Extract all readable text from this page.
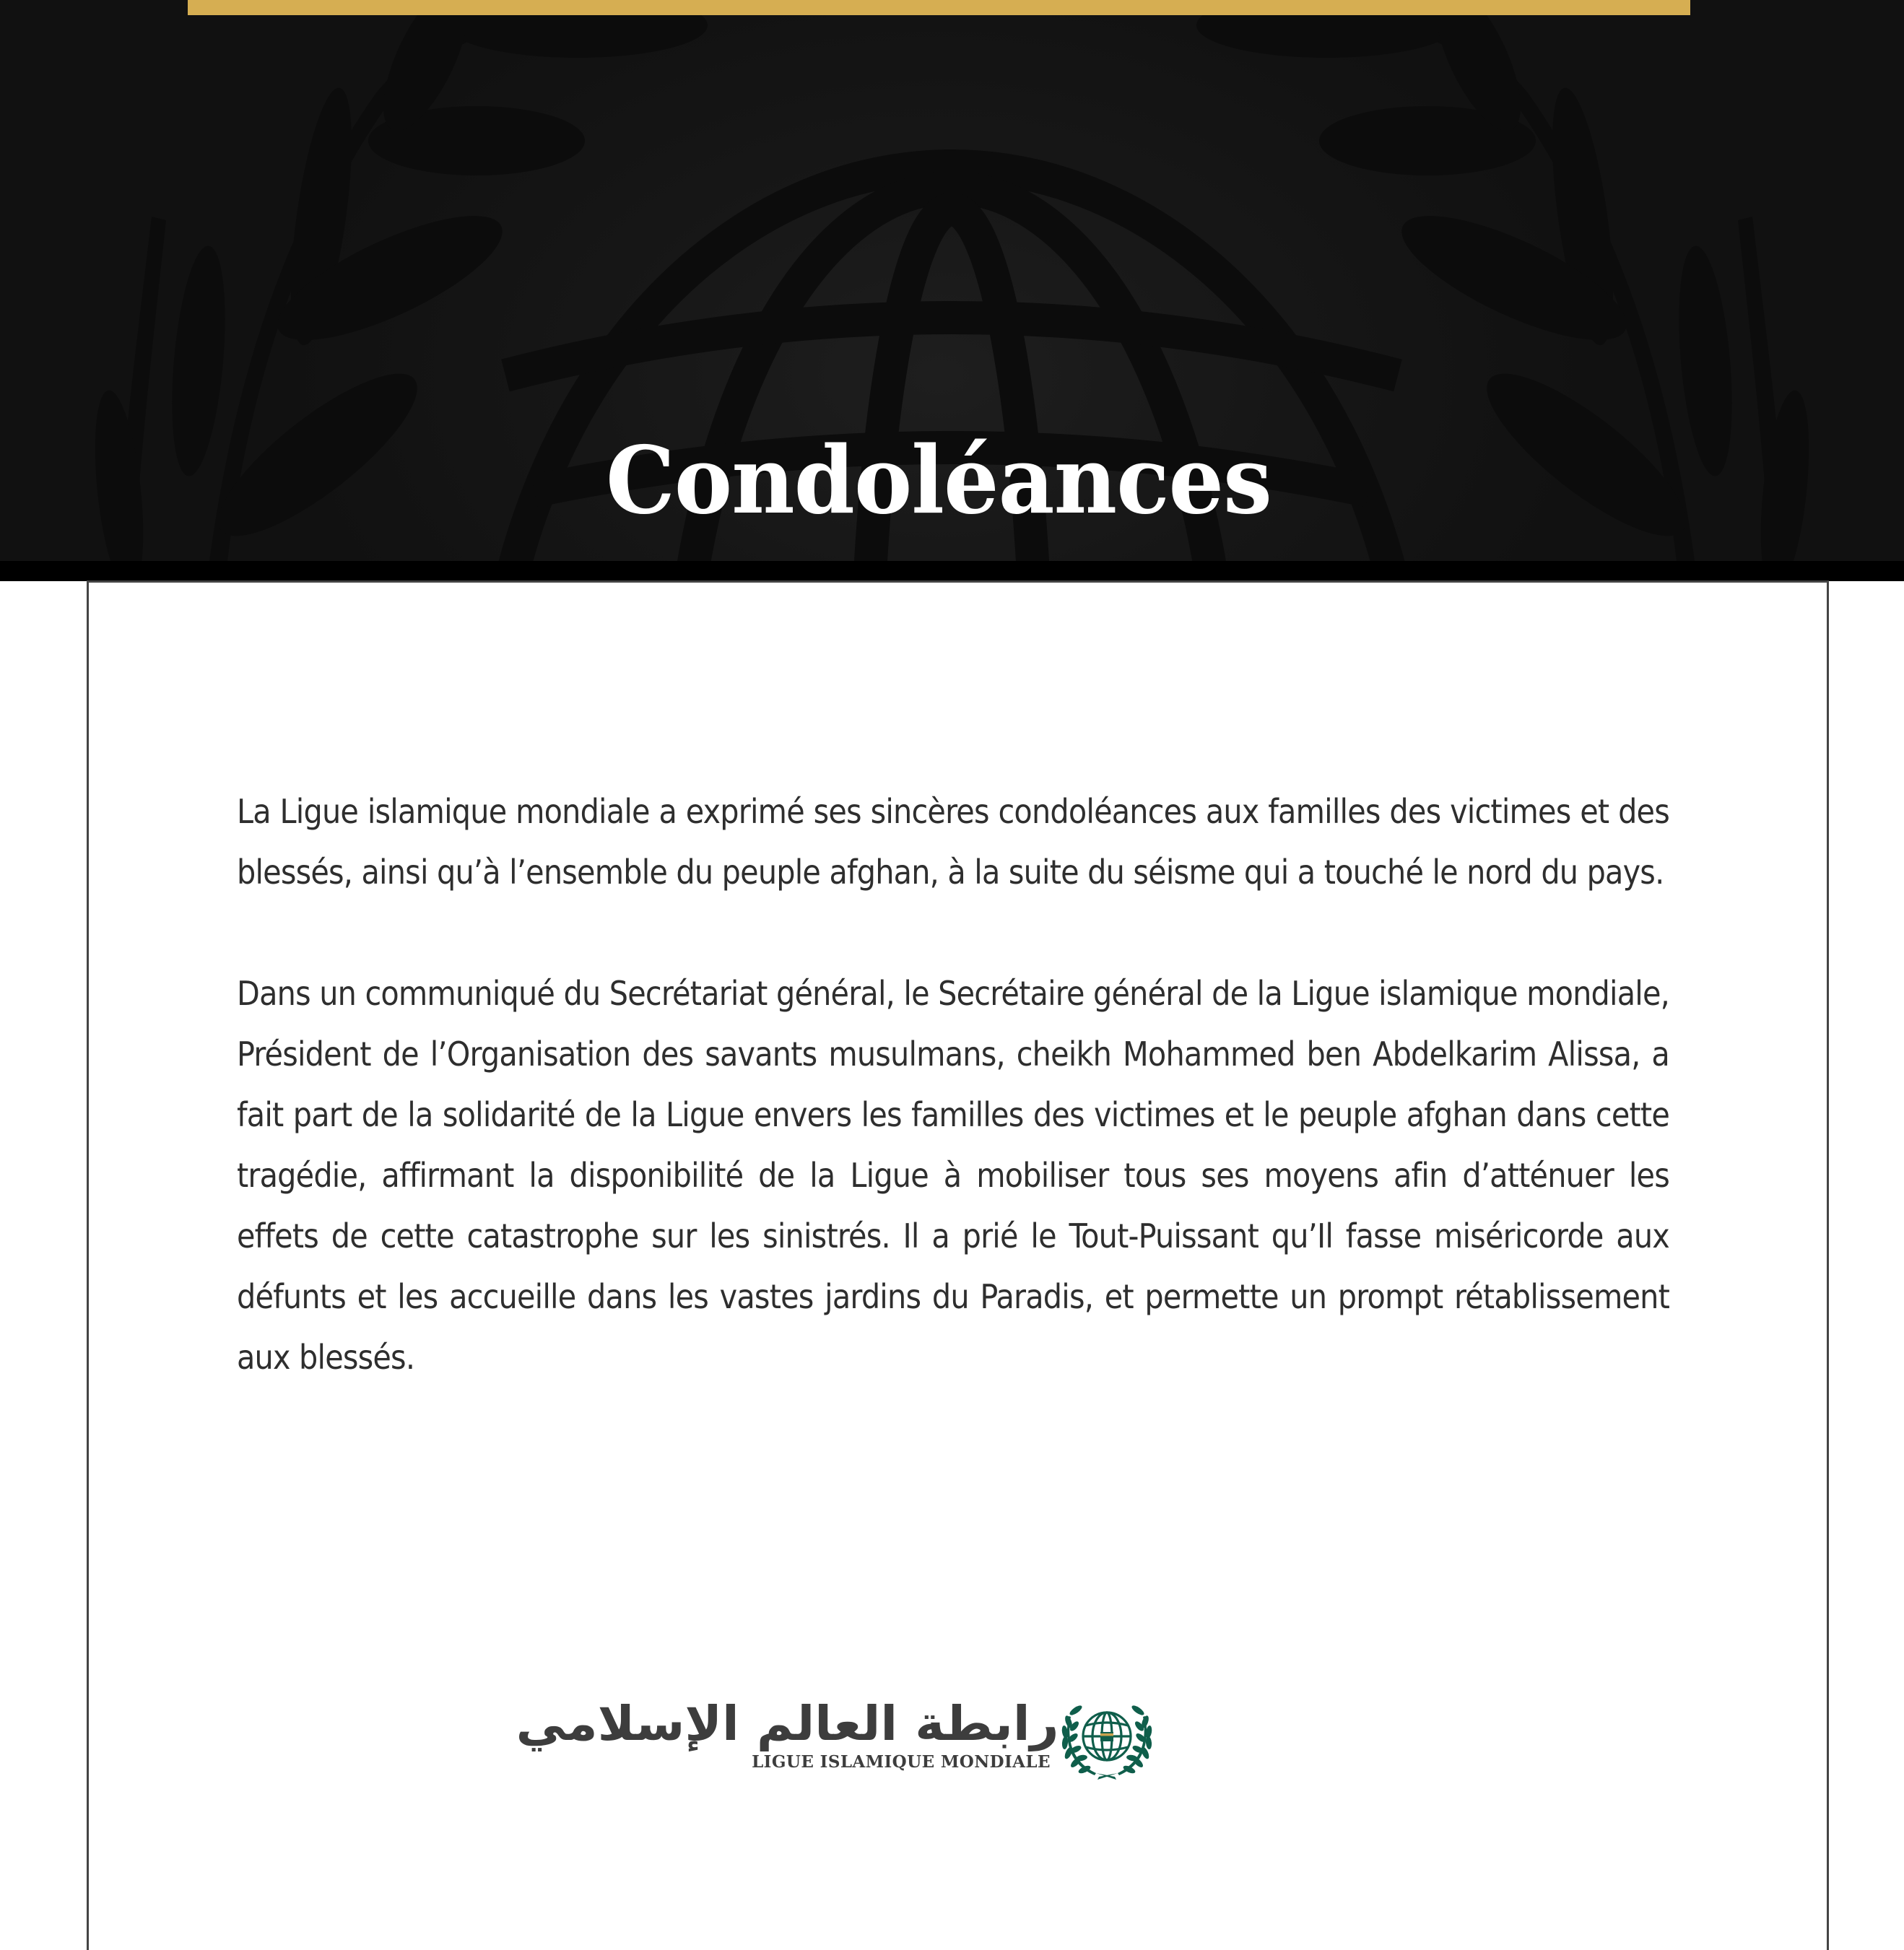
Condoléances

La Ligue islamique mondiale a exprimé ses sincères condoléances aux familles des victimes et des blessés, ainsi qu’à l’ensemble du peuple afghan, à la suite du séisme qui a touché le nord du pays.

Dans un communiqué du Secrétariat général, le Secrétaire général de la Ligue islamique mondiale, Président de l’Organisation des savants musulmans, cheikh Mohammed ben Abdelkarim Alissa, a fait part de la solidarité de la Ligue envers les familles des victimes et le peuple afghan dans cette tragédie, affirmant la disponibilité de la Ligue à mobiliser tous ses moyens afin d’atténuer les effets de cette catastrophe sur les sinistrés. Il a prié le Tout-Puissant qu’Il fasse miséricorde aux défunts et les accueille dans les vastes jardins du Paradis, et permette un prompt rétablissement aux blessés.

رابطة العالم الإسلامي
LIGUE ISLAMIQUE MONDIALE
